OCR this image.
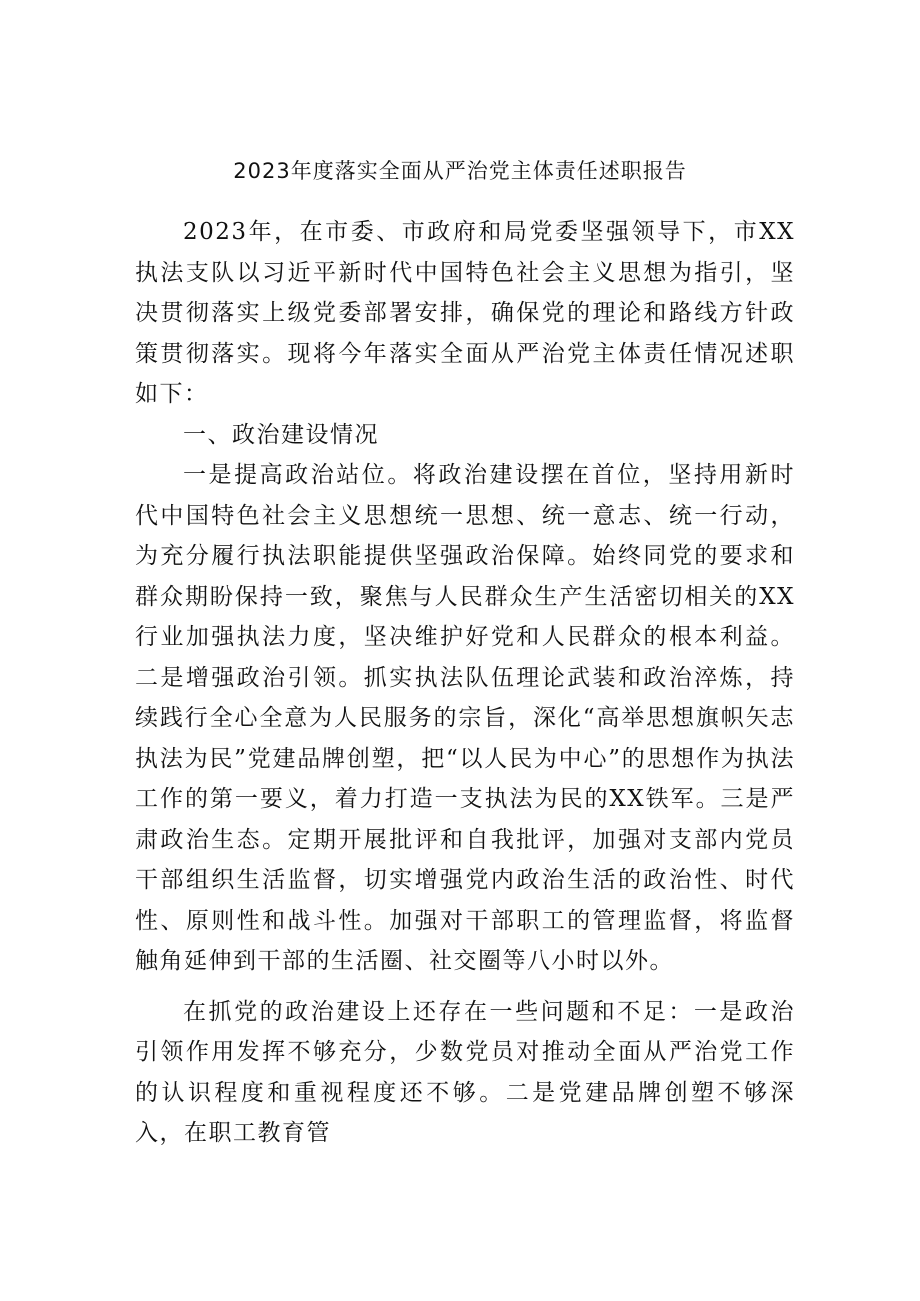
2023年度落实全面从严治党主体责任述职报告

2023年，在市委、市政府和局党委坚强领导下，市XX执法支队以习近平新时代中国特色社会主义思想为指引，坚决贯彻落实上级党委部署安排，确保党的理论和路线方针政策贯彻落实。现将今年落实全面从严治党主体责任情况述职如下：

一、政治建设情况

一是提高政治站位。将政治建设摆在首位，坚持用新时代中国特色社会主义思想统一思想、统一意志、统一行动，为充分履行执法职能提供坚强政治保障。始终同党的要求和群众期盼保持一致，聚焦与人民群众生产生活密切相关的XX行业加强执法力度，坚决维护好党和人民群众的根本利益。二是增强政治引领。抓实执法队伍理论武装和政治淬炼，持续践行全心全意为人民服务的宗旨，深化“高举思想旗帜矢志执法为民”党建品牌创塑，把“以人民为中心”的思想作为执法工作的第一要义，着力打造一支执法为民的XX铁军。三是严肃政治生态。定期开展批评和自我批评，加强对支部内党员干部组织生活监督，切实增强党内政治生活的政治性、时代性、原则性和战斗性。加强对干部职工的管理监督，将监督触角延伸到干部的生活圈、社交圈等八小时以外。

在抓党的政治建设上还存在一些问题和不足：一是政治引领作用发挥不够充分，少数党员对推动全面从严治党工作的认识程度和重视程度还不够。二是党建品牌创塑不够深入，在职工教育管
